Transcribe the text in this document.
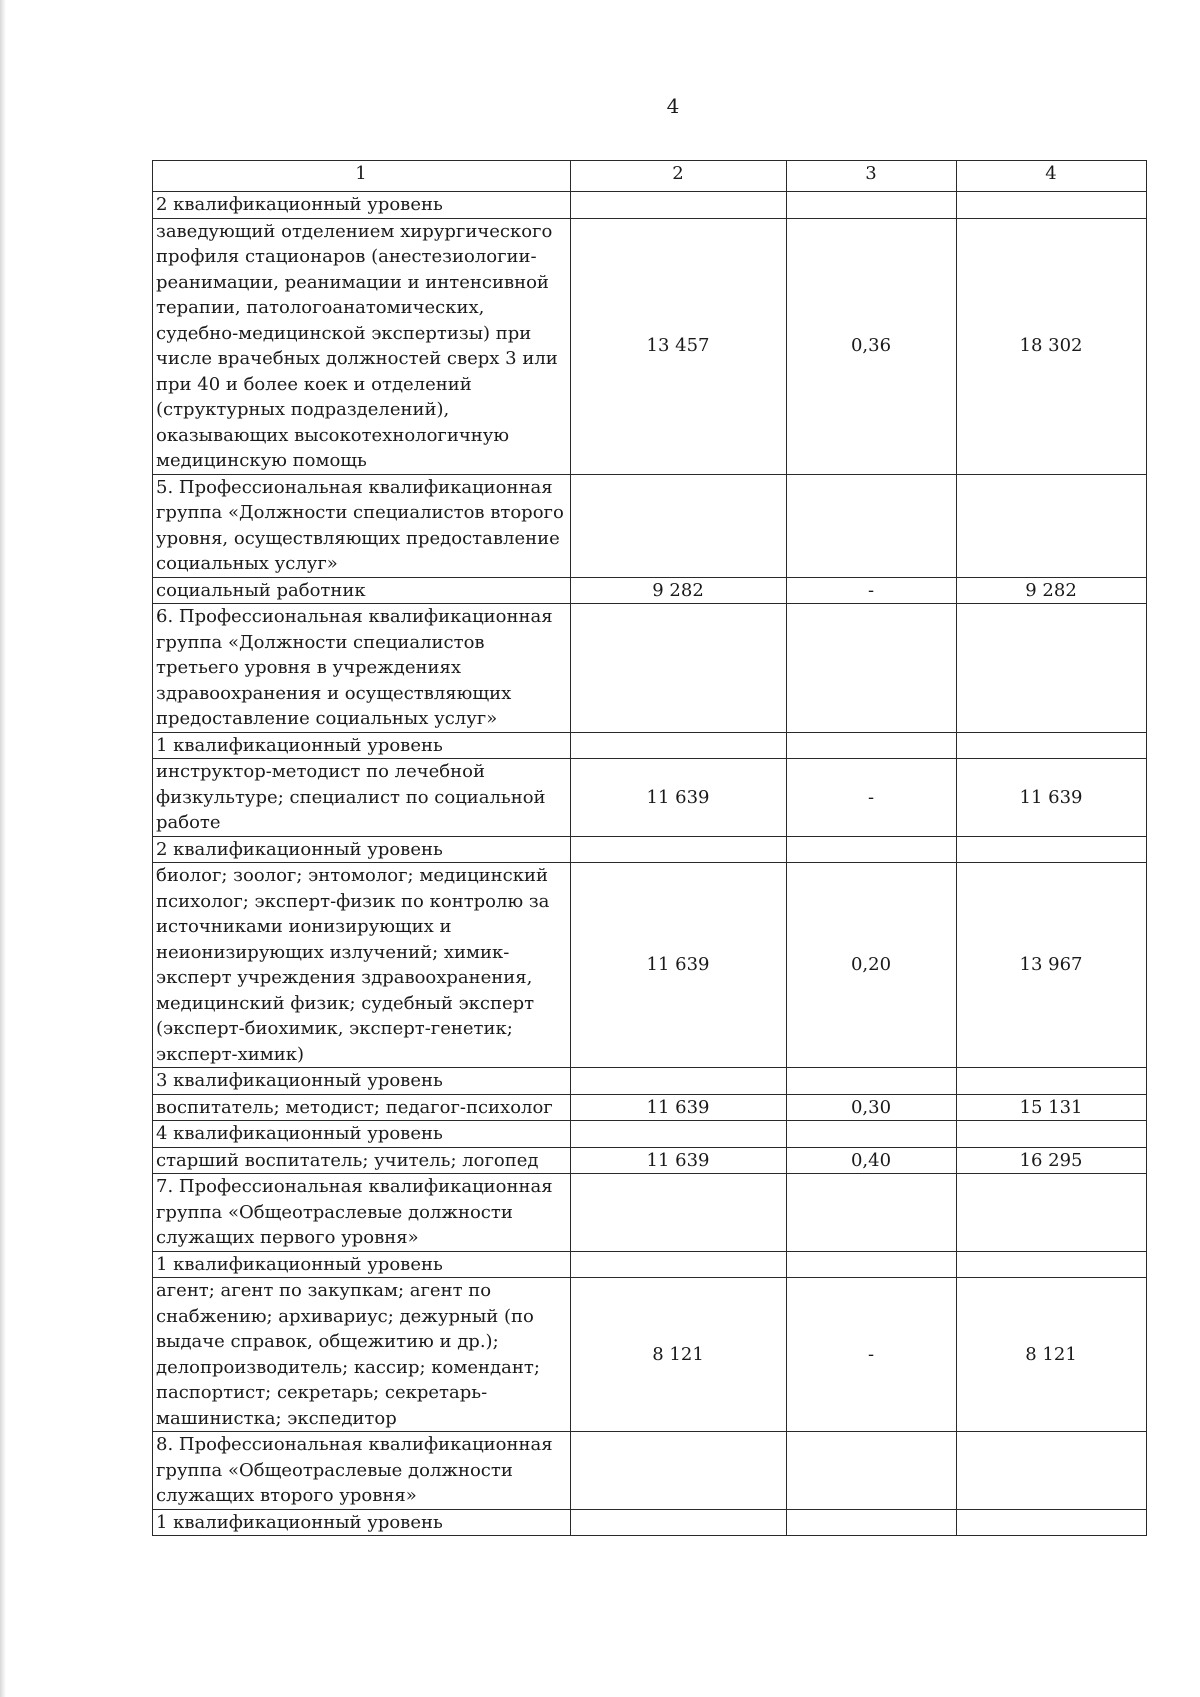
4
1	2	3	4
2 квалификационный уровень			
заведующий отделением хирургического профиля стационаров (анестезиологии-реанимации, реанимации и интенсивной терапии, патологоанатомических, судебно-медицинской экспертизы) при числе врачебных должностей сверх 3 или при 40 и более коек и отделений (структурных подразделений), оказывающих высокотехнологичную медицинскую помощь	13 457	0,36	18 302
5. Профессиональная квалификационная группа «Должности специалистов второго уровня, осуществляющих предоставление социальных услуг»			
социальный работник	9 282	-	9 282
6. Профессиональная квалификационная группа «Должности специалистов третьего уровня в учреждениях здравоохранения и осуществляющих предоставление социальных услуг»			
1 квалификационный уровень			
инструктор-методист по лечебной физкультуре; специалист по социальной работе	11 639	-	11 639
2 квалификационный уровень			
биолог; зоолог; энтомолог; медицинский психолог; эксперт-физик по контролю за источниками ионизирующих и неионизирующих излучений; химик-эксперт учреждения здравоохранения, медицинский физик; судебный эксперт (эксперт-биохимик, эксперт-генетик; эксперт-химик)	11 639	0,20	13 967
3 квалификационный уровень			
воспитатель; методист; педагог-психолог	11 639	0,30	15 131
4 квалификационный уровень			
старший воспитатель; учитель; логопед	11 639	0,40	16 295
7. Профессиональная квалификационная группа «Общеотраслевые должности служащих первого уровня»			
1 квалификационный уровень			
агент; агент по закупкам; агент по снабжению; архивариус; дежурный (по выдаче справок, общежитию и др.); делопроизводитель; кассир; комендант; паспортист; секретарь; секретарь-машинистка; экспедитор	8 121	-	8 121
8. Профессиональная квалификационная группа «Общеотраслевые должности служащих второго уровня»			
1 квалификационный уровень			
